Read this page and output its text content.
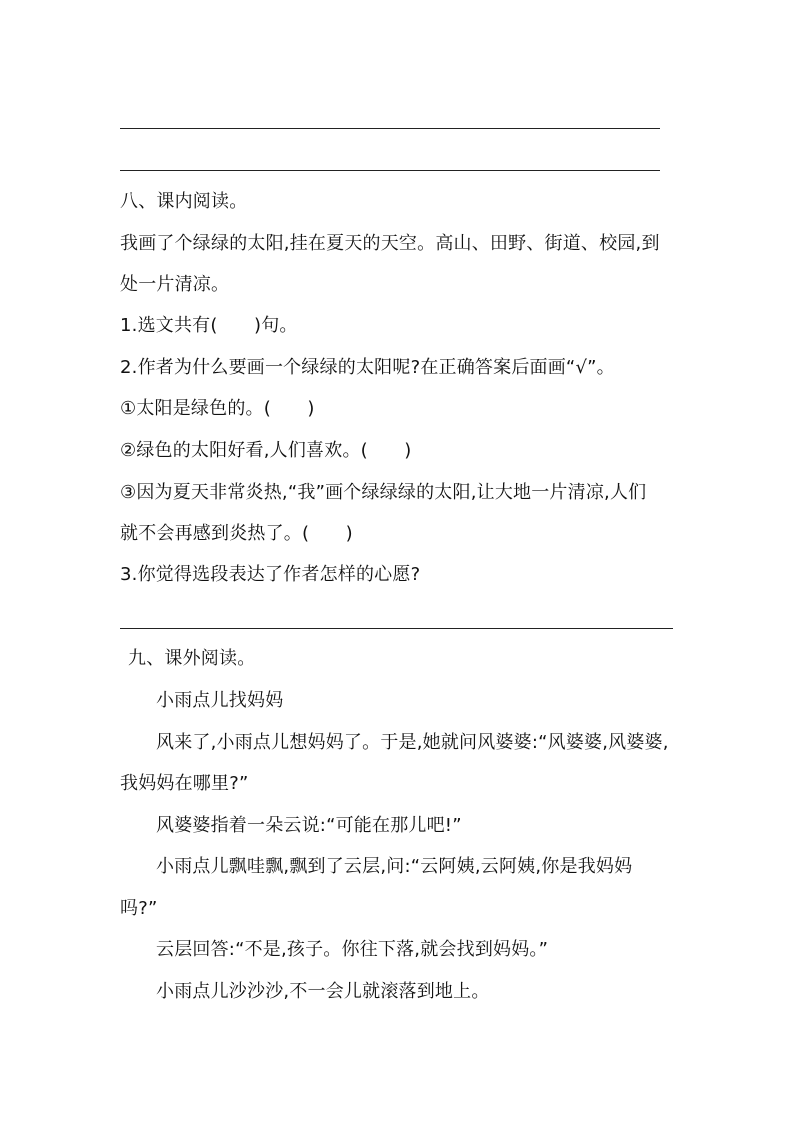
八、课内阅读。
我画了个绿绿的太阳,挂在夏天的天空。高山、田野、街道、校园,到
处一片清凉。
1.选文共有(　　)句。
2.作者为什么要画一个绿绿的太阳呢?在正确答案后面画“√”。
①太阳是绿色的。(　　)
②绿色的太阳好看,人们喜欢。(　　)
③因为夏天非常炎热,“我”画个绿绿绿的太阳,让大地一片清凉,人们
就不会再感到炎热了。(　　)
3.你觉得选段表达了作者怎样的心愿?
九、课外阅读。
小雨点儿找妈妈
风来了,小雨点儿想妈妈了。于是,她就问风婆婆:“风婆婆,风婆婆,
我妈妈在哪里?”
风婆婆指着一朵云说:“可能在那儿吧!”
小雨点儿飘哇飘,飘到了云层,问:“云阿姨,云阿姨,你是我妈妈
吗?”
云层回答:“不是,孩子。你往下落,就会找到妈妈。”
小雨点儿沙沙沙,不一会儿就滚落到地上。
